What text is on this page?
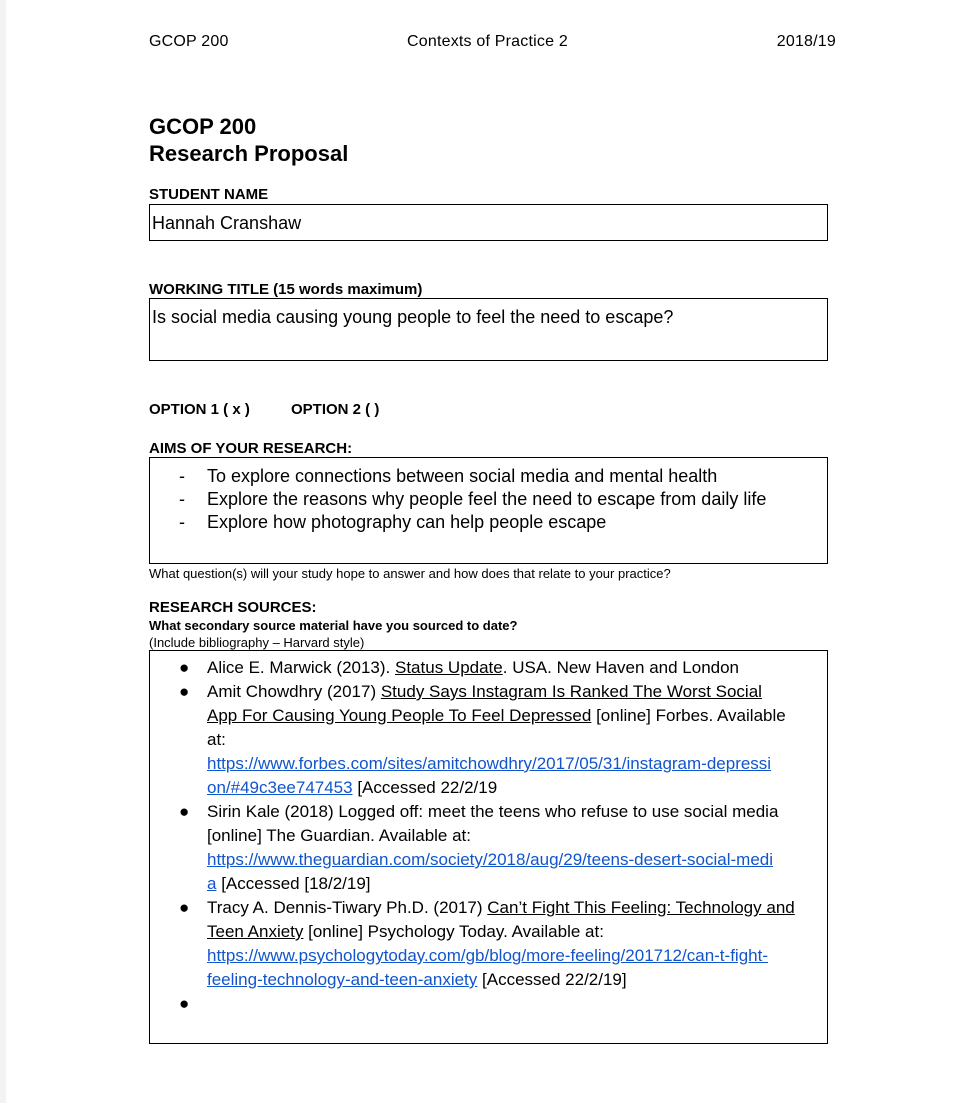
GCOP 200	Contexts of Practice 2	2018/19
GCOP 200
Research Proposal
STUDENT NAME
Hannah Cranshaw
WORKING TITLE (15 words maximum)
Is social media causing young people to feel the need to escape?
OPTION 1 ( x )	OPTION 2 ( )
AIMS OF YOUR RESEARCH:
- To explore connections between social media and mental health
- Explore the reasons why people feel the need to escape from daily life
- Explore how photography can help people escape
What question(s) will your study hope to answer and how does that relate to your practice?
RESEARCH SOURCES:
What secondary source material have you sourced to date?
(Include bibliography – Harvard style)
● Alice E. Marwick (2013). Status Update. USA. New Haven and London
● Amit Chowdhry (2017) Study Says Instagram Is Ranked The Worst Social
App For Causing Young People To Feel Depressed [online] Forbes. Available
at:
https://www.forbes.com/sites/amitchowdhry/2017/05/31/instagram-depressi
on/#49c3ee747453 [Accessed 22/2/19
● Sirin Kale (2018) Logged off: meet the teens who refuse to use social media
[online] The Guardian. Available at:
https://www.theguardian.com/society/2018/aug/29/teens-desert-social-medi
a [Accessed [18/2/19]
● Tracy A. Dennis-Tiwary Ph.D. (2017) Can’t Fight This Feeling: Technology and
Teen Anxiety [online] Psychology Today. Available at:
https://www.psychologytoday.com/gb/blog/more-feeling/201712/can-t-fight-
feeling-technology-and-teen-anxiety [Accessed 22/2/19]
●
